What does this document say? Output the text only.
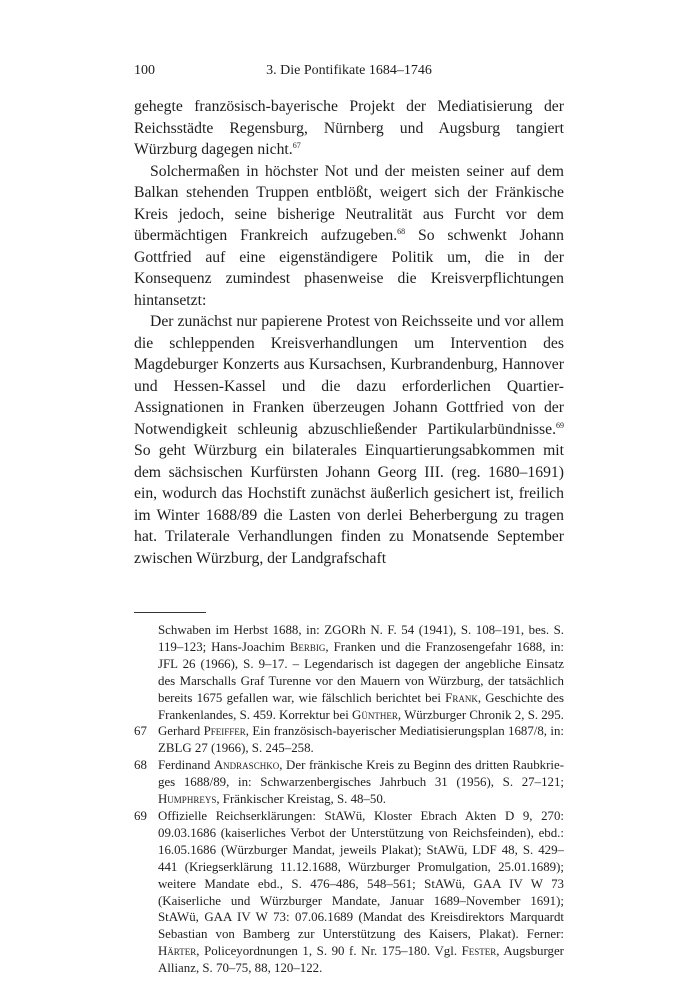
100	3. Die Pontifikate 1684–1746

gehegte französisch-bayerische Projekt der Mediatisierung der Reichsstädte Regensburg, Nürnberg und Augsburg tangiert Würzburg dagegen nicht.$^{67}$

Solchermaßen in höchster Not und der meisten seiner auf dem Balkan stehenden Truppen entblößt, weigert sich der Fränkische Kreis jedoch, seine bisherige Neutralität aus Furcht vor dem übermächtigen Frankreich aufzugeben.$^{68}$ So schwenkt Johann Gottfried auf eine eigenständigere Politik um, die in der Konsequenz zumindest phasenweise die Kreisverpflichtungen hintansetzt:

Der zunächst nur papierene Protest von Reichsseite und vor allem die schleppenden Kreisverhandlungen um Intervention des Magdeburger Konzerts aus Kursachsen, Kurbrandenburg, Hannover und Hessen-Kassel und die dazu erforderlichen Quartier-Assignationen in Franken überzeugen Johann Gottfried von der Notwendigkeit schleunig abzuschließender Partikularbündnisse.$^{69}$ So geht Würzburg ein bilaterales Einquartierungsabkommen mit dem sächsischen Kurfürsten Johann Georg III. (reg. 1680–1691) ein, wodurch das Hochstift zunächst äußerlich gesichert ist, freilich im Winter 1688/89 die Lasten von derlei Beherbergung zu tragen hat. Trilaterale Verhandlungen finden zu Monatsende September zwischen Würzburg, der Landgrafschaft

Schwaben im Herbst 1688, in: ZGORh N. F. 54 (1941), S. 108–191, bes. S. 119–123; Hans-Joachim Berbig, Franken und die Franzosengefahr 1688, in: JFL 26 (1966), S. 9–17. – Legendarisch ist dagegen der angebliche Einsatz des Marschalls Graf Turenne vor den Mauern von Würzburg, der tatsächlich bereits 1675 gefallen war, wie fälschlich berichtet bei Frank, Geschichte des Frankenlandes, S. 459. Korrektur bei Günther, Würzburger Chronik 2, S. 295.
67 Gerhard Pfeiffer, Ein französisch-bayerischer Mediatisierungsplan 1687/8, in: ZBLG 27 (1966), S. 245–258.
68 Ferdinand Andraschko, Der fränkische Kreis zu Beginn des dritten Raubkrieges 1688/89, in: Schwarzenbergisches Jahrbuch 31 (1956), S. 27–121; Humphreys, Fränkischer Kreistag, S. 48–50.
69 Offizielle Reichserklärungen: StAWü, Kloster Ebrach Akten D 9, 270: 09.03.1686 (kaiserliches Verbot der Unterstützung von Reichsfeinden), ebd.: 16.05.1686 (Würzburger Mandat, jeweils Plakat); StAWü, LDF 48, S. 429–441 (Kriegserklärung 11.12.1688, Würzburger Promulgation, 25.01.1689); weitere Mandate ebd., S. 476–486, 548–561; StAWü, GAA IV W 73 (Kaiserliche und Würzburger Mandate, Januar 1689–November 1691); StAWü, GAA IV W 73: 07.06.1689 (Mandat des Kreisdirektors Marquardt Sebastian von Bamberg zur Unterstützung des Kaisers, Plakat). Ferner: Härter, Policeyordnungen 1, S. 90 f. Nr. 175–180. Vgl. Fester, Augsburger Allianz, S. 70–75, 88, 120–122.
